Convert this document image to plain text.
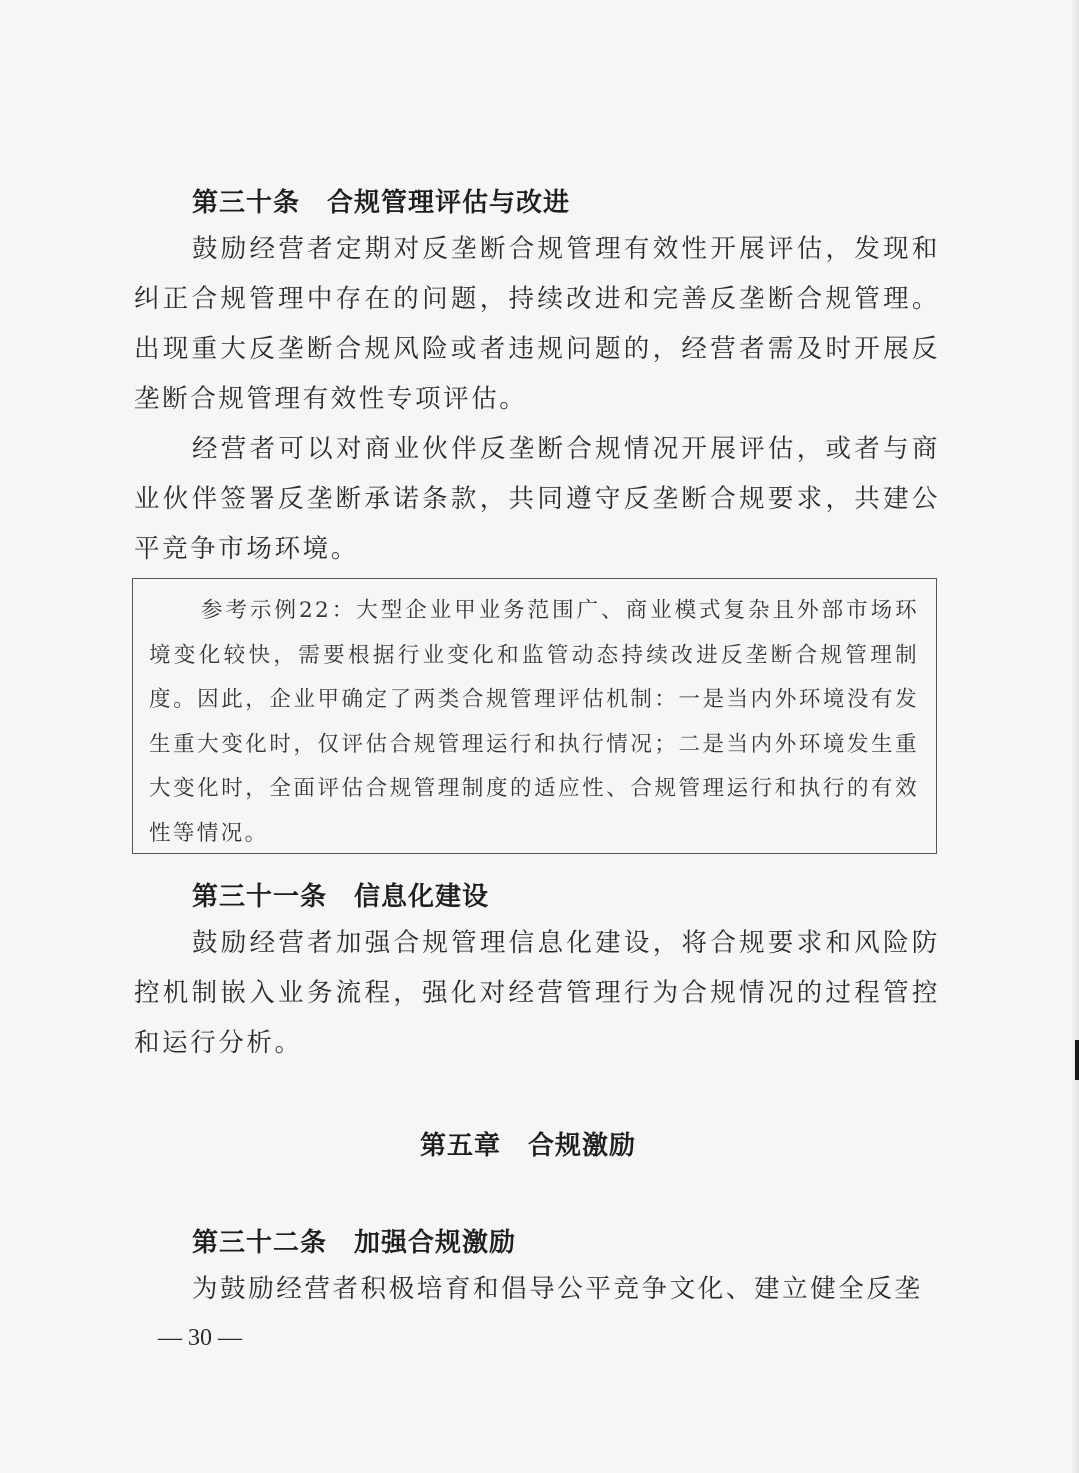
第三十条　合规管理评估与改进

鼓励经营者定期对反垄断合规管理有效性开展评估，发现和纠正合规管理中存在的问题，持续改进和完善反垄断合规管理。出现重大反垄断合规风险或者违规问题的，经营者需及时开展反垄断合规管理有效性专项评估。

经营者可以对商业伙伴反垄断合规情况开展评估，或者与商业伙伴签署反垄断承诺条款，共同遵守反垄断合规要求，共建公平竞争市场环境。

参考示例22：大型企业甲业务范围广、商业模式复杂且外部市场环境变化较快，需要根据行业变化和监管动态持续改进反垄断合规管理制度。因此，企业甲确定了两类合规管理评估机制：一是当内外环境没有发生重大变化时，仅评估合规管理运行和执行情况；二是当内外环境发生重大变化时，全面评估合规管理制度的适应性、合规管理运行和执行的有效性等情况。

第三十一条　信息化建设

鼓励经营者加强合规管理信息化建设，将合规要求和风险防控机制嵌入业务流程，强化对经营管理行为合规情况的过程管控和运行分析。

第五章　合规激励
第三十二条　加强合规激励

为鼓励经营者积极培育和倡导公平竞争文化、建立健全反垄

— 30 —
